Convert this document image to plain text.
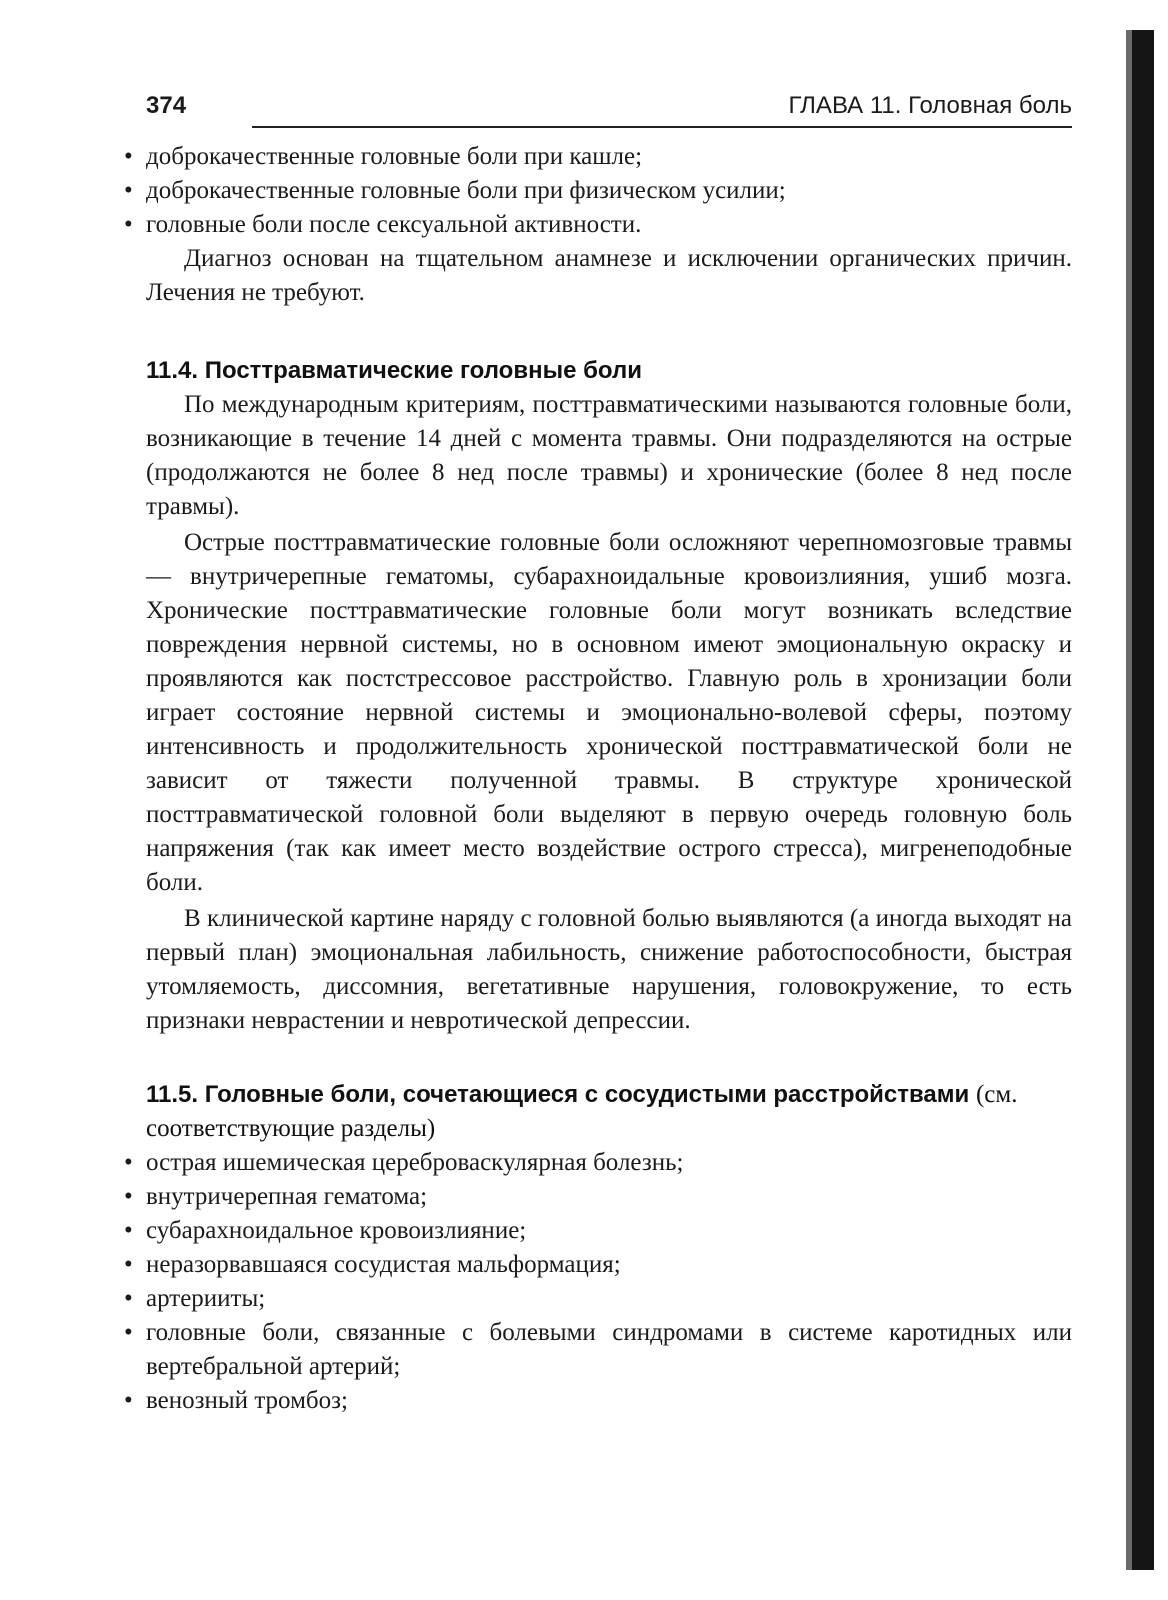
374	ГЛАВА 11. Головная боль
• доброкачественные головные боли при кашле;
• доброкачественные головные боли при физическом усилии;
• головные боли после сексуальной активности.

Диагноз основан на тщательном анамнезе и исключении органических причин. Лечения не требуют.

11.4. Посттравматические головные боли

По международным критериям, посттравматическими называются головные боли, возникающие в течение 14 дней с момента травмы. Они подразделяются на острые (продолжаются не более 8 нед после травмы) и хронические (более 8 нед после травмы).

Острые посттравматические головные боли осложняют черепномозговые травмы — внутричерепные гематомы, субарахноидальные кровоизлияния, ушиб мозга. Хронические посттравматические головные боли могут возникать вследствие повреждения нервной системы, но в основном имеют эмоциональную окраску и проявляются как постстрессовое расстройство. Главную роль в хронизации боли играет состояние нервной системы и эмоционально-волевой сферы, поэтому интенсивность и продолжительность хронической посттравматической боли не зависит от тяжести полученной травмы. В структуре хронической посттравматической головной боли выделяют в первую очередь головную боль напряжения (так как имеет место воздействие острого стресса), мигренеподобные боли.

В клинической картине наряду с головной болью выявляются (а иногда выходят на первый план) эмоциональная лабильность, снижение работоспособности, быстрая утомляемость, диссомния, вегетативные нарушения, головокружение, то есть признаки неврастении и невротической депрессии.

11.5. Головные боли, сочетающиеся с сосудистыми расстройствами (см. соответствующие разделы)
• острая ишемическая цереброваскулярная болезнь;
• внутричерепная гематома;
• субарахноидальное кровоизлияние;
• неразорвавшаяся сосудистая мальформация;
• артерииты;
• головные боли, связанные с болевыми синдромами в системе каротидных или вертебральной артерий;
• венозный тромбоз;
